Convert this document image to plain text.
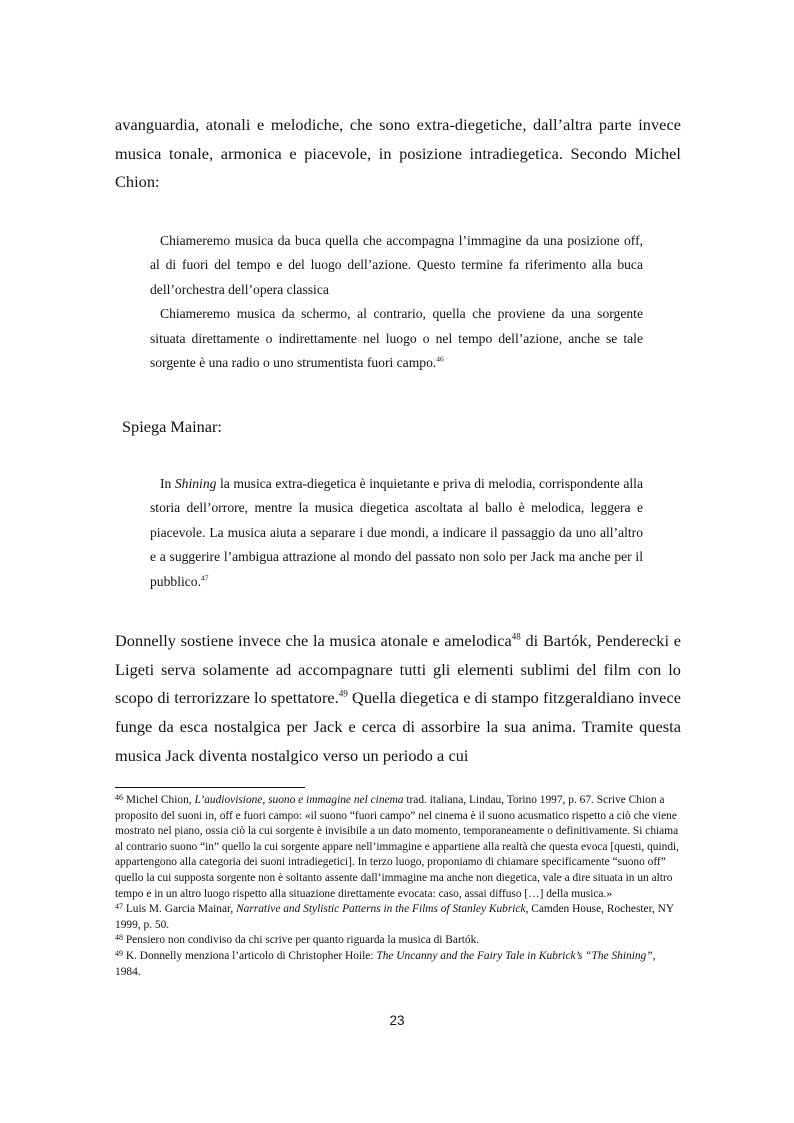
avanguardia, atonali e melodiche, che sono extra-diegetiche, dall’altra parte invece musica tonale, armonica e piacevole, in posizione intradiegetica. Secondo Michel Chion:

Chiameremo musica da buca quella che accompagna l’immagine da una posizione off, al di fuori del tempo e del luogo dell’azione. Questo termine fa riferimento alla buca dell’orchestra dell’opera classica

Chiameremo musica da schermo, al contrario, quella che proviene da una sorgente situata direttamente o indirettamente nel luogo o nel tempo dell’azione, anche se tale sorgente è una radio o uno strumentista fuori campo.$^{46}$

Spiega Mainar:

In Shining la musica extra-diegetica è inquietante e priva di melodia, corrispondente alla storia dell’orrore, mentre la musica diegetica ascoltata al ballo è melodica, leggera e piacevole. La musica aiuta a separare i due mondi, a indicare il passaggio da uno all’altro e a suggerire l’ambigua attrazione al mondo del passato non solo per Jack ma anche per il pubblico.$^{47}$

Donnelly sostiene invece che la musica atonale e amelodica$^{48}$ di Bartók, Penderecki e Ligeti serva solamente ad accompagnare tutti gli elementi sublimi del film con lo scopo di terrorizzare lo spettatore.$^{49}$ Quella diegetica e di stampo fitzgeraldiano invece funge da esca nostalgica per Jack e cerca di assorbire la sua anima. Tramite questa musica Jack diventa nostalgico verso un periodo a cui

$^{46}$ Michel Chion, L’audiovisione, suono e immagine nel cinema trad. italiana, Lindau, Torino 1997, p. 67. Scrive Chion a proposito del suoni in, off e fuori campo: «il suono “fuori campo” nel cinema è il suono acusmatico rispetto a ciò che viene mostrato nel piano, ossia ciò la cui sorgente è invisibile a un dato momento, temporaneamente o definitivamente. Si chiama al contrario suono “in” quello la cui sorgente appare nell’immagine e appartiene alla realtà che questa evoca [questi, quindi, appartengono alla categoria dei suoni intradiegetici]. In terzo luogo, proponiamo di chiamare specificamente “suono off” quello la cui supposta sorgente non è soltanto assente dall’immagine ma anche non diegetica, vale a dire situata in un altro tempo e in un altro luogo rispetto alla situazione direttamente evocata: caso, assai diffuso […] della musica.»

$^{47}$ Luis M. Garcia Mainar, Narrative and Stylistic Patterns in the Films of Stanley Kubrick, Camden House, Rochester, NY 1999, p. 50.

$^{48}$ Pensiero non condiviso da chi scrive per quanto riguarda la musica di Bartók.

$^{49}$ K. Donnelly menziona l’articolo di Christopher Hoile: The Uncanny and the Fairy Tale in Kubrick’s “The Shining”, 1984.

23
